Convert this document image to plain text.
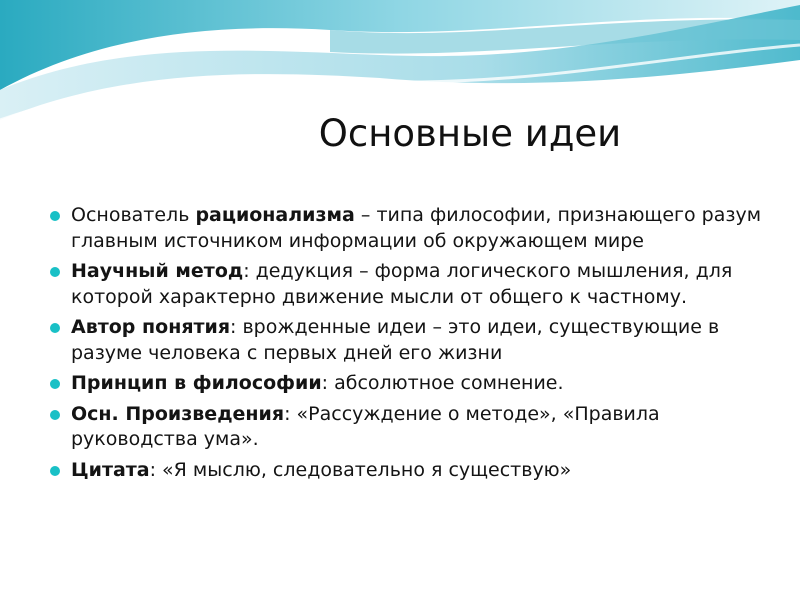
Основные идеи
Основатель рационализма – типа философии, признающего разум главным источником информации об окружающем мире
Научный метод: дедукция – форма логического мышления, для которой характерно движение мысли от общего к частному.
Автор понятия: врожденные идеи – это идеи, существующие в разуме человека с первых дней его жизни
Принцип в философии: абсолютное сомнение.
Осн. Произведения: «Рассуждение о методе», «Правила руководства ума».
Цитата: «Я мыслю, следовательно я существую»
